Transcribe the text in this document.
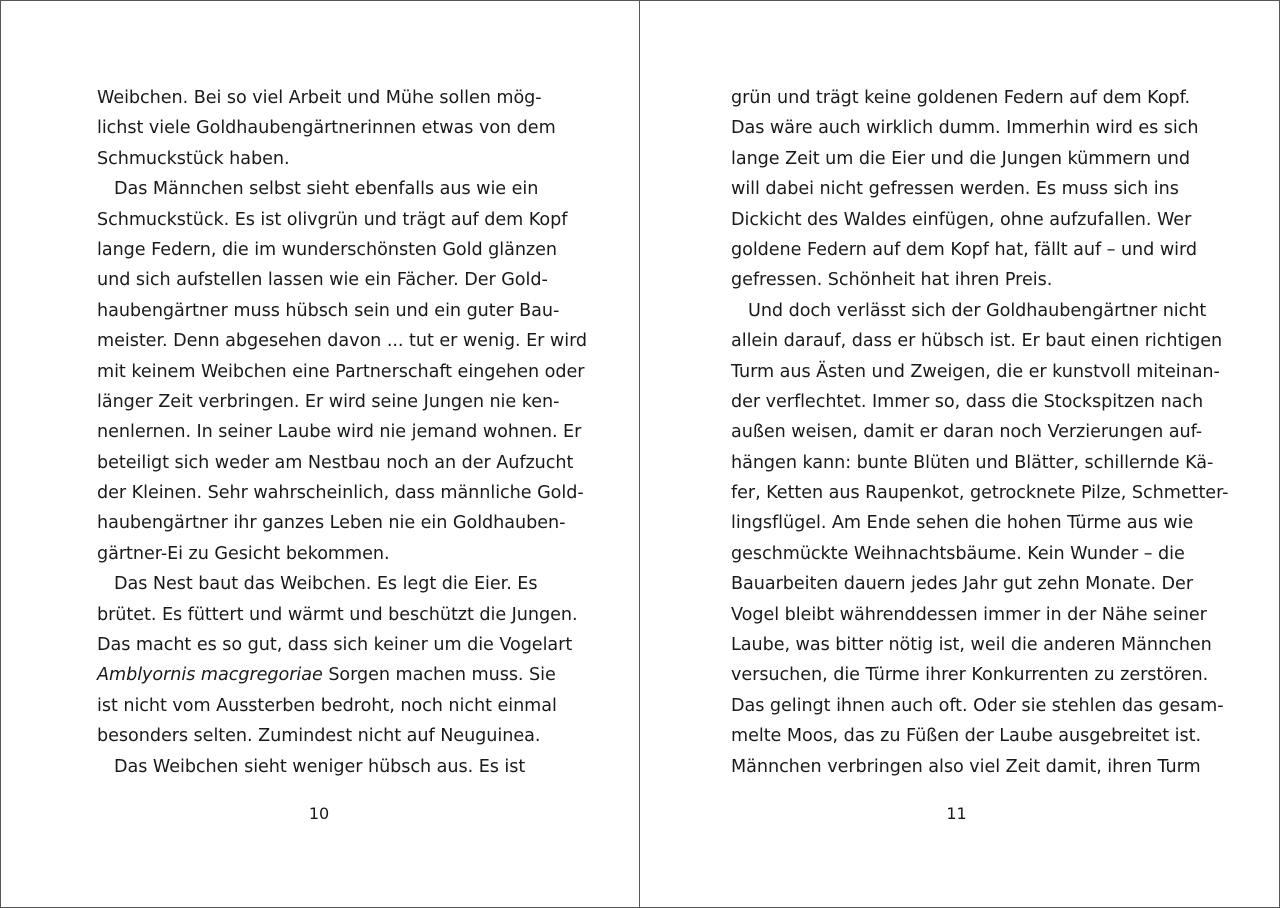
Weibchen. Bei so viel Arbeit und Mühe sollen mög-
lichst viele Goldhaubengärtnerinnen etwas von dem
Schmuckstück haben.
Das Männchen selbst sieht ebenfalls aus wie ein
Schmuckstück. Es ist olivgrün und trägt auf dem Kopf
lange Federn, die im wunderschönsten Gold glänzen
und sich aufstellen lassen wie ein Fächer. Der Gold-
haubengärtner muss hübsch sein und ein guter Bau-
meister. Denn abgesehen davon ... tut er wenig. Er wird
mit keinem Weibchen eine Partnerschaft eingehen oder
länger Zeit verbringen. Er wird seine Jungen nie ken-
nenlernen. In seiner Laube wird nie jemand wohnen. Er
beteiligt sich weder am Nestbau noch an der Aufzucht
der Kleinen. Sehr wahrscheinlich, dass männliche Gold-
haubengärtner ihr ganzes Leben nie ein Goldhauben-
gärtner-Ei zu Gesicht bekommen.
Das Nest baut das Weibchen. Es legt die Eier. Es
brütet. Es füttert und wärmt und beschützt die Jungen.
Das macht es so gut, dass sich keiner um die Vogelart
Amblyornis macgregoriae Sorgen machen muss. Sie
ist nicht vom Aussterben bedroht, noch nicht einmal
besonders selten. Zumindest nicht auf Neuguinea.
Das Weibchen sieht weniger hübsch aus. Es ist
10
grün und trägt keine goldenen Federn auf dem Kopf.
Das wäre auch wirklich dumm. Immerhin wird es sich
lange Zeit um die Eier und die Jungen kümmern und
will dabei nicht gefressen werden. Es muss sich ins
Dickicht des Waldes einfügen, ohne aufzufallen. Wer
goldene Federn auf dem Kopf hat, fällt auf – und wird
gefressen. Schönheit hat ihren Preis.
Und doch verlässt sich der Goldhaubengärtner nicht
allein darauf, dass er hübsch ist. Er baut einen richtigen
Turm aus Ästen und Zweigen, die er kunstvoll miteinan-
der verflechtet. Immer so, dass die Stockspitzen nach
außen weisen, damit er daran noch Verzierungen auf-
hängen kann: bunte Blüten und Blätter, schillernde Kä-
fer, Ketten aus Raupenkot, getrocknete Pilze, Schmetter-
lingsflügel. Am Ende sehen die hohen Türme aus wie
geschmückte Weihnachtsbäume. Kein Wunder – die
Bauarbeiten dauern jedes Jahr gut zehn Monate. Der
Vogel bleibt währenddessen immer in der Nähe seiner
Laube, was bitter nötig ist, weil die anderen Männchen
versuchen, die Türme ihrer Konkurrenten zu zerstören.
Das gelingt ihnen auch oft. Oder sie stehlen das gesam-
melte Moos, das zu Füßen der Laube ausgebreitet ist.
Männchen verbringen also viel Zeit damit, ihren Turm
11
